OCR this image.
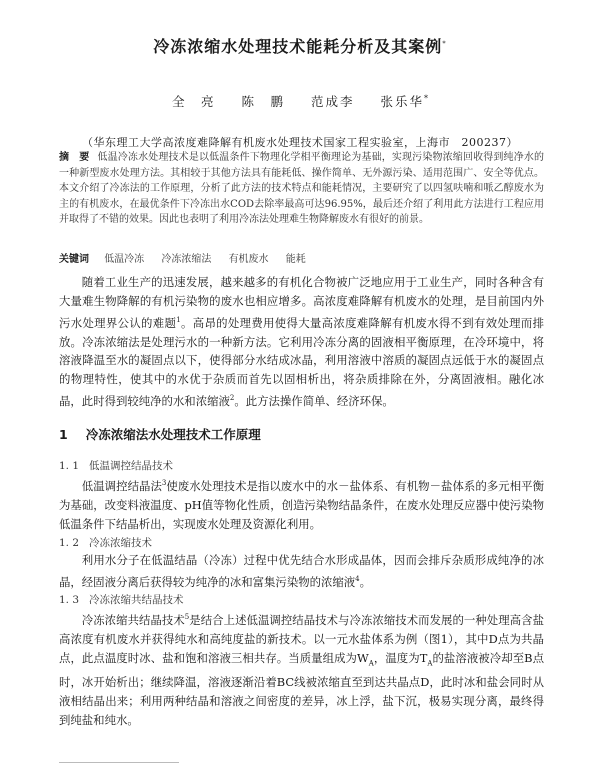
冷冻浓缩水处理技术能耗分析及其案例*
全　亮 陈　鹏 范成李 张乐华*
（华东理工大学高浓度难降解有机废水处理技术国家工程实验室，上海市　200237）
摘　要 低温冷冻水处理技术是以低温条件下物理化学相平衡理论为基础，实现污染物浓缩回收得到纯净水的一种新型废水处理方法。其相较于其他方法具有能耗低、操作简单、无外源污染、适用范围广、安全等优点。本文介绍了冷冻法的工作原理，分析了此方法的技术特点和能耗情况，主要研究了以四氢呋喃和哌乙醇废水为主的有机废水，在最优条件下冷冻出水COD去除率最高可达96.95%，最后还介绍了利用此方法进行工程应用并取得了不错的效果。因此也表明了利用冷冻法处理难生物降解废水有很好的前景。
关键词 低温冷冻 冷冻浓缩法 有机废水 能耗

随着工业生产的迅速发展，越来越多的有机化合物被广泛地应用于工业生产，同时各种含有大量难生物降解的有机污染物的废水也相应增多。高浓度难降解有机废水的处理，是目前国内外污水处理界公认的难题$^1$。高昂的处理费用使得大量高浓度难降解有机废水得不到有效处理而排放。冷冻浓缩法是处理污水的一种新方法。它利用冷冻分离的固液相平衡原理，在冷环境中，将溶液降温至水的凝固点以下，使得部分水结成冰晶，利用溶液中溶质的凝固点远低于水的凝固点的物理特性，使其中的水优于杂质而首先以固相析出，将杂质排除在外，分离固液相。融化冰晶，此时得到较纯净的水和浓缩液$^2$。此方法操作简单、经济环保。

1 冷冻浓缩法水处理技术工作原理
1. 1 低温调控结晶技术

低温调控结晶法$^3$使废水处理技术是指以废水中的水－盐体系、有机物－盐体系的多元相平衡为基础，改变料液温度、pH值等物化性质，创造污染物结晶条件，在废水处理反应器中使污染物低温条件下结晶析出，实现废水处理及资源化利用。

1. 2 冷冻浓缩技术

利用水分子在低温结晶（冷冻）过程中优先结合水形成晶体，因而会排斥杂质形成纯净的冰晶，经固液分离后获得较为纯净的冰和富集污染物的浓缩液$^4$。

1. 3 冷冻浓缩共结晶技术

冷冻浓缩共结晶技术$^5$是结合上述低温调控结晶技术与冷冻浓缩技术而发展的一种处理高含盐高浓度有机废水并获得纯水和高纯度盐的新技术。以一元水盐体系为例（图1），其中D点为共晶点，此点温度时冰、盐和饱和溶液三相共存。当质量组成为$W_A$，温度为$T_A$的盐溶液被冷却至B点时，冰开始析出；继续降温，溶液逐渐沿着BC线被浓缩直至到达共晶点D，此时冰和盐会同时从液相结晶出来；利用两种结晶和溶液之间密度的差异，冰上浮，盐下沉，极易实现分离，最终得到纯盐和纯水。
